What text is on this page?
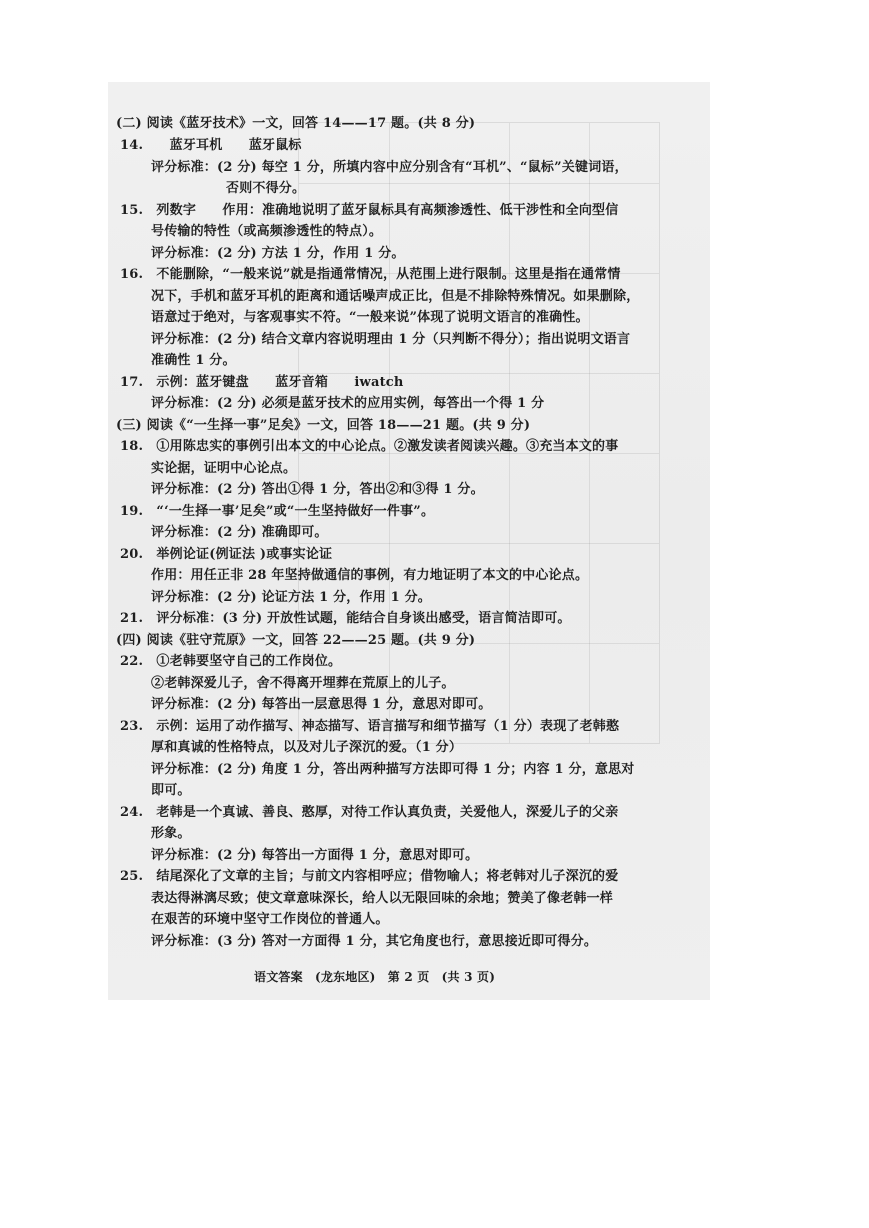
(二) 阅读《蓝牙技术》一文，回答 14——17 题。(共 8 分)
14.　　蓝牙耳机　　蓝牙鼠标
评分标准：(2 分) 每空 1 分，所填内容中应分别含有“耳机”、“鼠标”关键词语，
否则不得分。
15.　列数字　　作用：准确地说明了蓝牙鼠标具有高频渗透性、低干涉性和全向型信
号传输的特性（或高频渗透性的特点）。
评分标准：(2 分) 方法 1 分，作用 1 分。
16.　不能删除，“一般来说”就是指通常情况，从范围上进行限制。这里是指在通常情
况下，手机和蓝牙耳机的距离和通话噪声成正比，但是不排除特殊情况。如果删除，
语意过于绝对，与客观事实不符。“一般来说”体现了说明文语言的准确性。
评分标准：(2 分) 结合文章内容说明理由 1 分（只判断不得分）；指出说明文语言
准确性 1 分。
17.　示例：蓝牙键盘　　蓝牙音箱　　iwatch
评分标准：(2 分) 必须是蓝牙技术的应用实例，每答出一个得 1 分
(三) 阅读《“一生择一事”足矣》一文，回答 18——21 题。(共 9 分)
18.　①用陈忠实的事例引出本文的中心论点。②激发读者阅读兴趣。③充当本文的事
实论据，证明中心论点。
评分标准：(2 分) 答出①得 1 分，答出②和③得 1 分。
19.　“‘一生择一事’足矣”或“一生坚持做好一件事”。
评分标准：(2 分) 准确即可。
20.　举例论证(例证法 )或事实论证
作用：用任正非 28 年坚持做通信的事例，有力地证明了本文的中心论点。
评分标准：(2 分) 论证方法 1 分，作用 1 分。
21.　评分标准：(3 分) 开放性试题，能结合自身谈出感受，语言简洁即可。
(四) 阅读《驻守荒原》一文，回答 22——25 题。(共 9 分)
22.　①老韩要坚守自己的工作岗位。
②老韩深爱儿子，舍不得离开埋葬在荒原上的儿子。
评分标准：(2 分) 每答出一层意思得 1 分，意思对即可。
23.　示例：运用了动作描写、神态描写、语言描写和细节描写（1 分）表现了老韩憨
厚和真诚的性格特点，以及对儿子深沉的爱。（1 分）
评分标准：(2 分) 角度 1 分，答出两种描写方法即可得 1 分；内容 1 分，意思对
即可。
24.　老韩是一个真诚、善良、憨厚，对待工作认真负责，关爱他人，深爱儿子的父亲
形象。
评分标准：(2 分) 每答出一方面得 1 分，意思对即可。
25.　结尾深化了文章的主旨；与前文内容相呼应；借物喻人；将老韩对儿子深沉的爱
表达得淋漓尽致；使文章意味深长，给人以无限回味的余地；赞美了像老韩一样
在艰苦的环境中坚守工作岗位的普通人。
评分标准：(3 分) 答对一方面得 1 分，其它角度也行，意思接近即可得分。
语文答案　(龙东地区)　第 2 页　(共 3 页)
